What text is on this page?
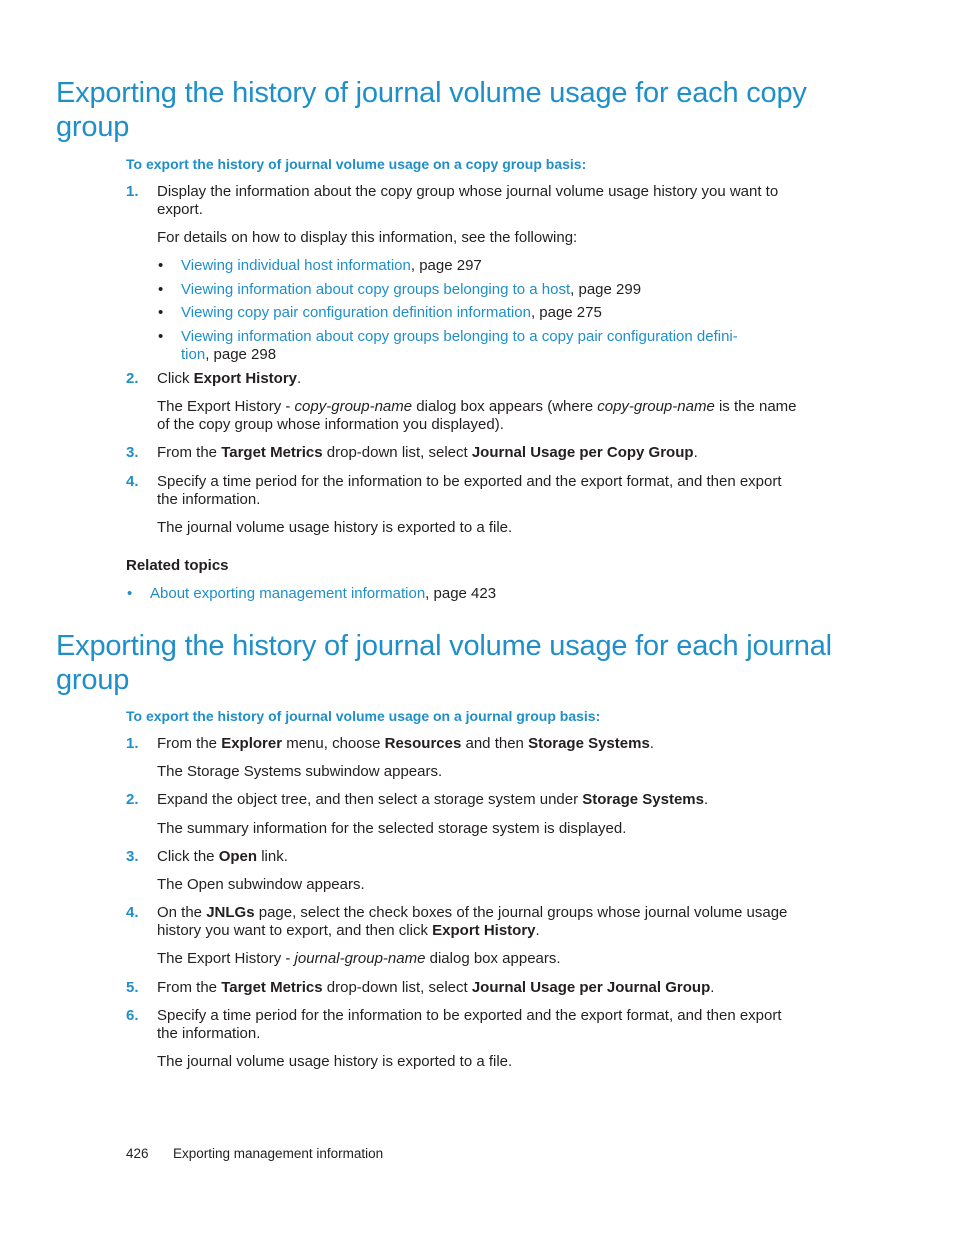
Exporting the history of journal volume usage for each copy group
To export the history of journal volume usage on a copy group basis:
1. Display the information about the copy group whose journal volume usage history you want to export.
For details on how to display this information, see the following:
• Viewing individual host information, page 297
• Viewing information about copy groups belonging to a host, page 299
• Viewing copy pair configuration definition information, page 275
• Viewing information about copy groups belonging to a copy pair configuration defini-
tion, page 298
2. Click Export History.
The Export History - copy-group-name dialog box appears (where copy-group-name is the name
of the copy group whose information you displayed).
3. From the Target Metrics drop-down list, select Journal Usage per Copy Group.
4. Specify a time period for the information to be exported and the export format, and then export the information.
The journal volume usage history is exported to a file.
Related topics
• About exporting management information, page 423
Exporting the history of journal volume usage for each journal group
To export the history of journal volume usage on a journal group basis:
1. From the Explorer menu, choose Resources and then Storage Systems.
The Storage Systems subwindow appears.
2. Expand the object tree, and then select a storage system under Storage Systems.
The summary information for the selected storage system is displayed.
3. Click the Open link.
The Open subwindow appears.
4. On the JNLGs page, select the check boxes of the journal groups whose journal volume usage history you want to export, and then click Export History.
The Export History - journal-group-name dialog box appears.
5. From the Target Metrics drop-down list, select Journal Usage per Journal Group.
6. Specify a time period for the information to be exported and the export format, and then export the information.
The journal volume usage history is exported to a file.
426 Exporting management information
